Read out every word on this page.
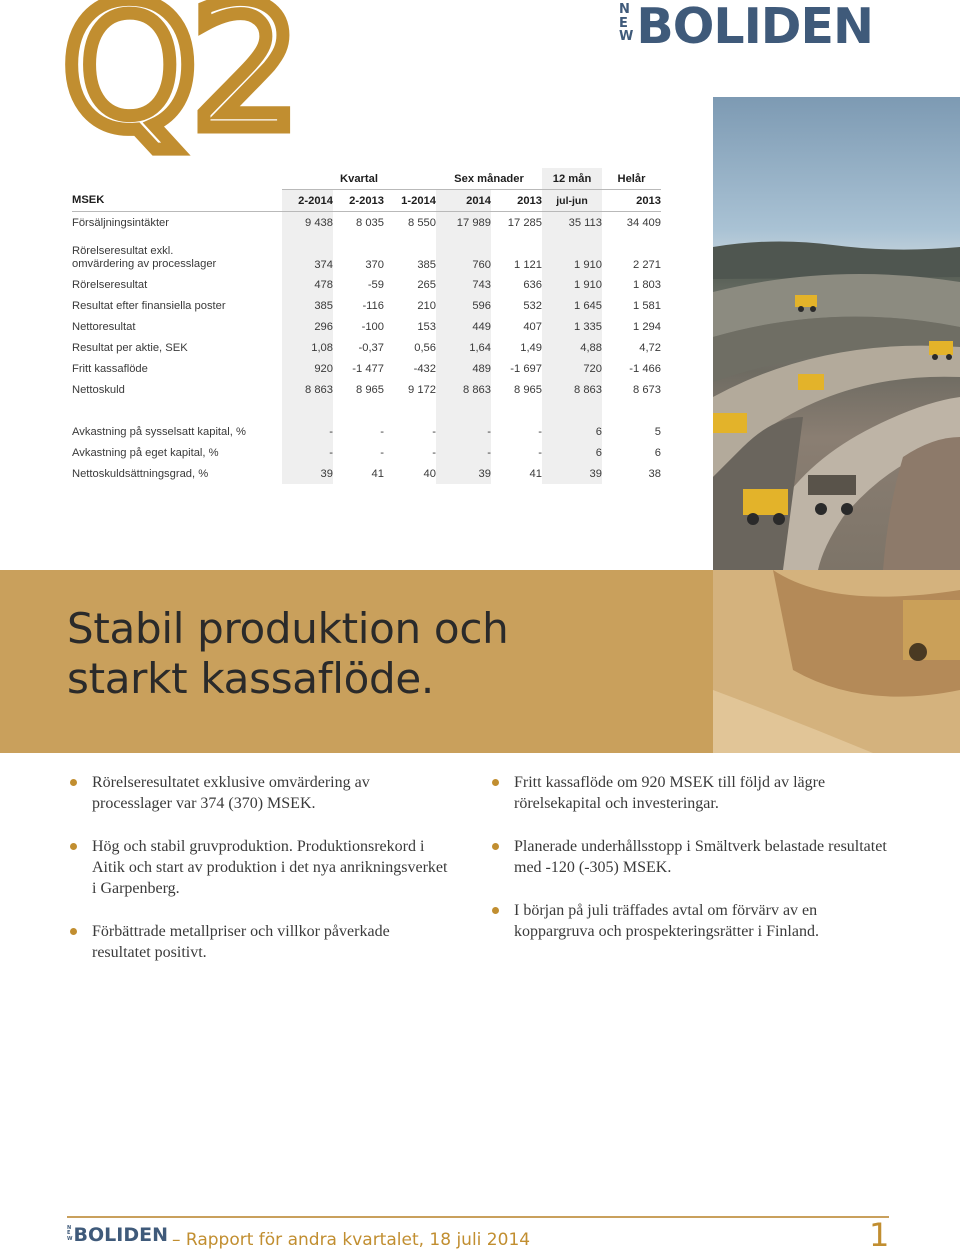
Q2	N
E
W BOLIDEN
	Kvartal			Sex månader		12 mån	Helår
MSEK	2-2014	2-2013	1-2014	2014	2013	jul-jun	2013
Försäljningsintäkter	9 438	8 035	8 550	17 989	17 285	35 113	34 409
Rörelseresultat exkl.
omvärdering av processlager	374	370	385	760	1 121	1 910	2 271
Rörelseresultat	478	-59	265	743	636	1 910	1 803
Resultat efter finansiella poster	385	-116	210	596	532	1 645	1 581
Nettoresultat	296	-100	153	449	407	1 335	1 294
Resultat per aktie, SEK	1,08	-0,37	0,56	1,64	1,49	4,88	4,72
Fritt kassaflöde	920	-1 477	-432	489	-1 697	720	-1 466
Nettoskuld	8 863	8 965	9 172	8 863	8 965	8 863	8 673

Avkastning på sysselsatt kapital, %	-	-	-	-	-	6	5
Avkastning på eget kapital, %	-	-	-	-	-	6	6
Nettoskuldsättningsgrad, %	39	41	40	39	41	39	38
Stabil produktion och
starkt kassaflöde.
Rörelseresultatet exklusive omvärdering av processlager var 374 (370) MSEK.
Hög och stabil gruvproduktion. Produktionsrekord i Aitik och start av produktion i det nya anrikningsverket i Garpenberg.
Förbättrade metallpriser och villkor påverkade resultatet positivt.
Fritt kassaflöde om 920 MSEK till följd av lägre rörelsekapital och investeringar.
Planerade underhållsstopp i Smältverk belastade resultatet med -120 (-305) MSEK.
I början på juli träffades avtal om förvärv av en koppargruva och prospekteringsrätter i Finland.
N
E
W BOLIDEN – Rapport för andra kvartalet, 18 juli 2014	1
